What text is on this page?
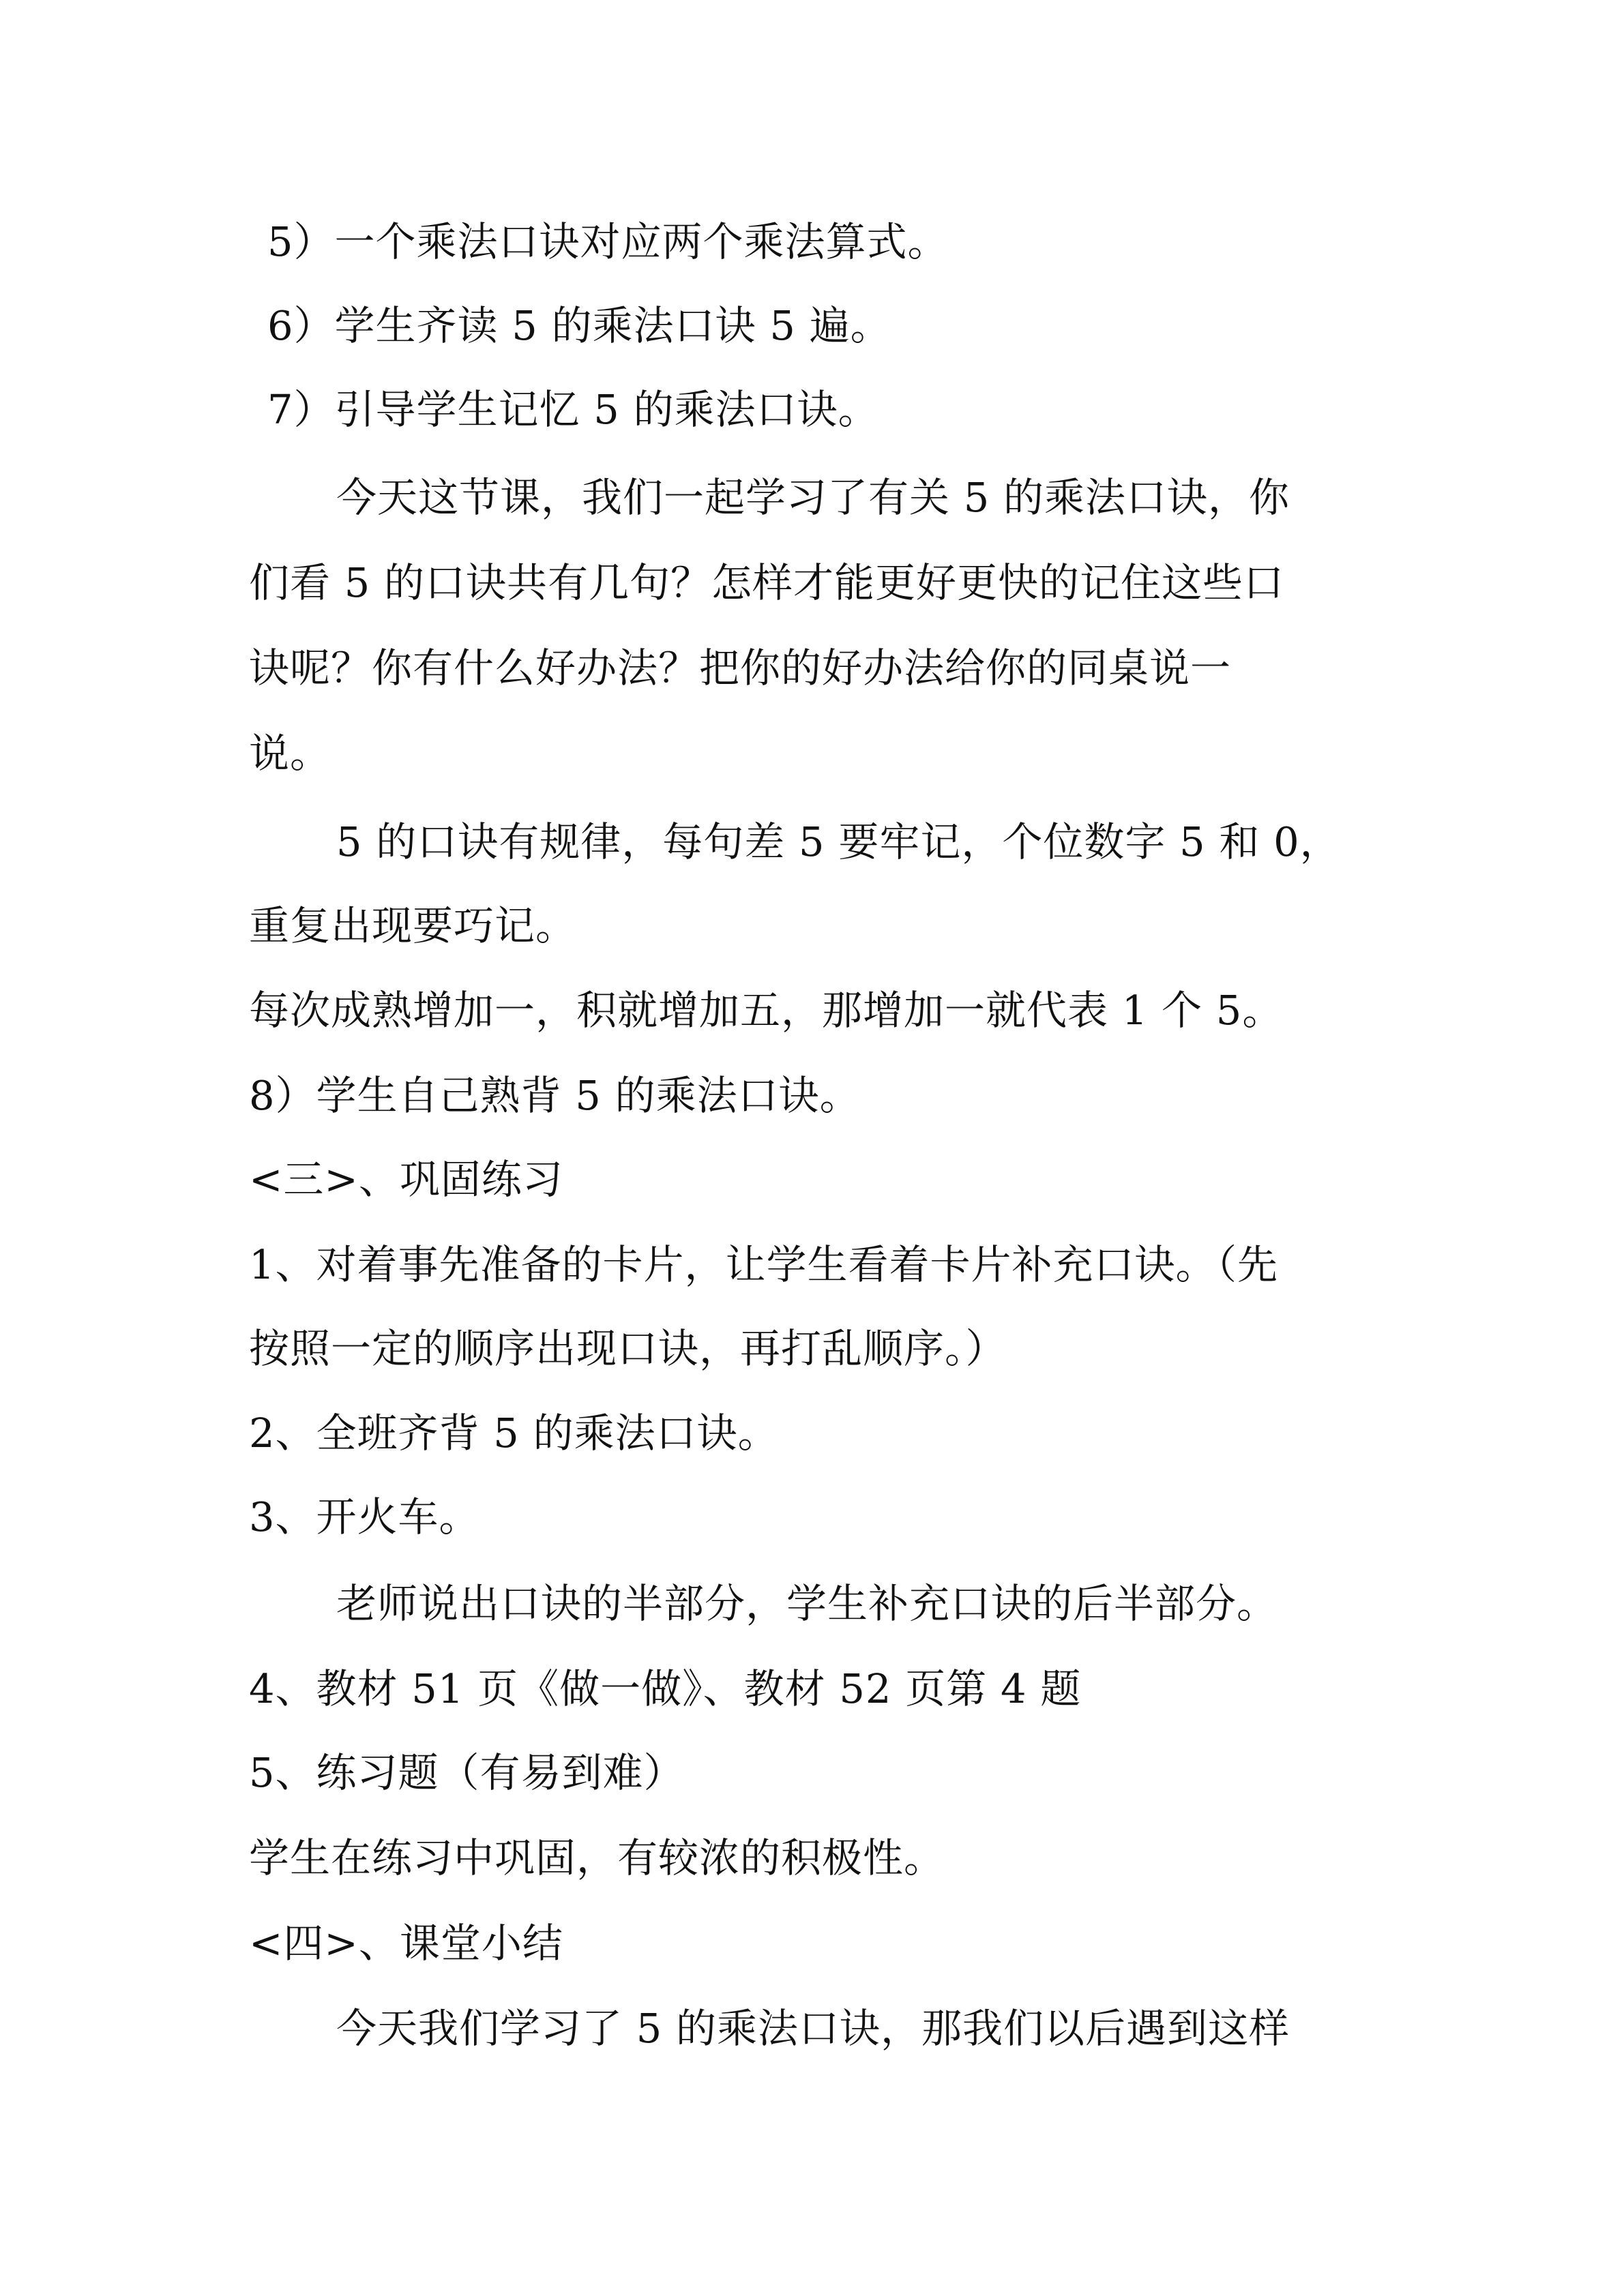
5）一个乘法口诀对应两个乘法算式。
6）学生齐读 5 的乘法口诀 5 遍。
7）引导学生记忆 5 的乘法口诀。
今天这节课，我们一起学习了有关 5 的乘法口诀，你
们看 5 的口诀共有几句？怎样才能更好更快的记住这些口
诀呢？你有什么好办法？把你的好办法给你的同桌说一
说。
5 的口诀有规律，每句差 5 要牢记，个位数字 5 和 0，
重复出现要巧记。
每次成熟增加一，积就增加五，那增加一就代表 1 个 5。
8）学生自己熟背 5 的乘法口诀。
<三>、巩固练习
1、对着事先准备的卡片，让学生看着卡片补充口诀。（先
按照一定的顺序出现口诀，再打乱顺序。）
2、全班齐背 5 的乘法口诀。
3、开火车。
老师说出口诀的半部分，学生补充口诀的后半部分。
4、教材 51 页《做一做》、教材 52 页第 4 题
5、练习题（有易到难）
学生在练习中巩固，有较浓的积极性。
<四>、课堂小结
今天我们学习了 5 的乘法口诀，那我们以后遇到这样
